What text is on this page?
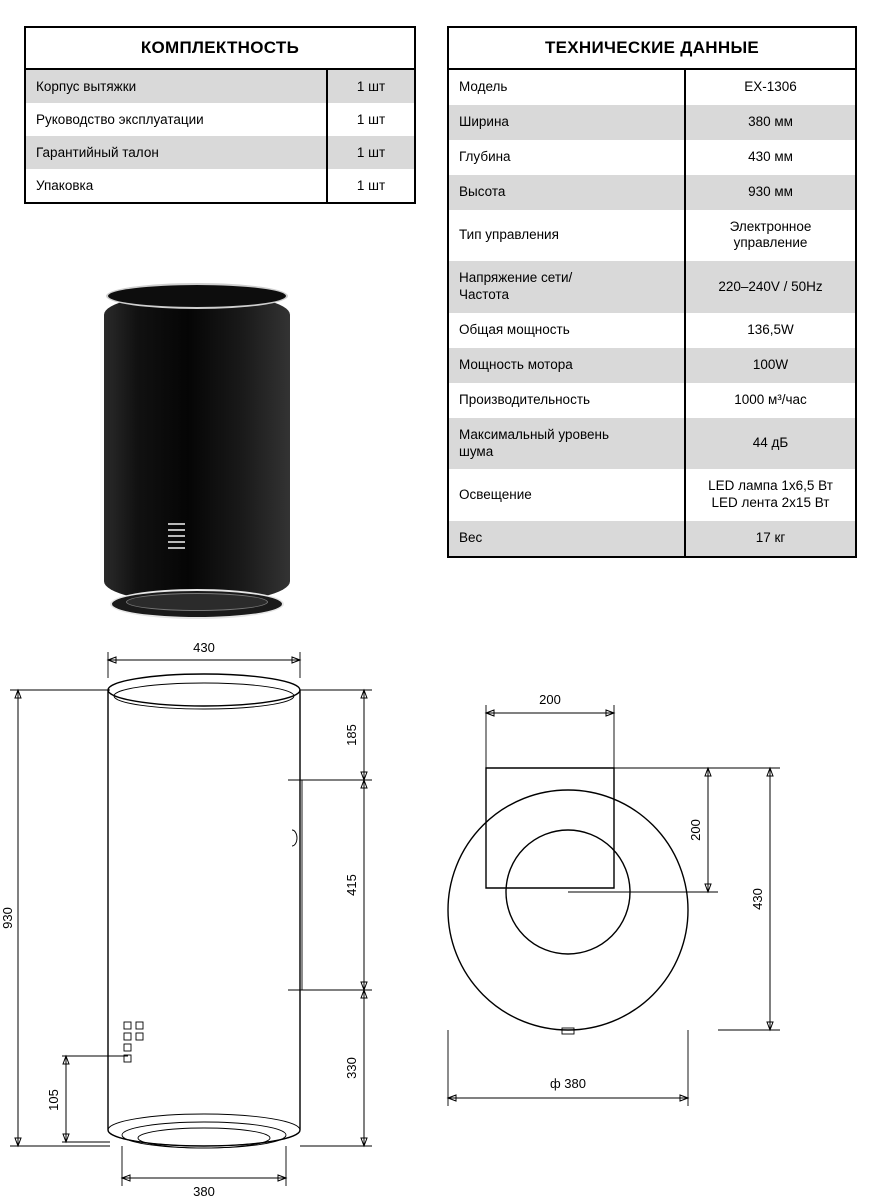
КОМПЛЕКТНОСТЬ	
Корпус вытяжки	1 шт
Руководство эксплуатации	1 шт
Гарантийный талон	1 шт
Упаковка	1 шт
ТЕХНИЧЕСКИЕ ДАННЫЕ	
Модель	EX-1306
Ширина	380 мм
Глубина	430 мм
Высота	930 мм
Тип управления	Электронное
управление

Напряжение сети/
Частота	220–240V / 50Hz
Общая мощность	136,5W
Мощность мотора	100W
Производительность	1000 м³/час

Максимальный уровень
шума	44 дБ
Освещение	LED лампа 1x6,5 Вт
LED лента 2x15 Вт

Вес	17 кг
430
930
185
415
330
105
380
200
200
430
ф 380
